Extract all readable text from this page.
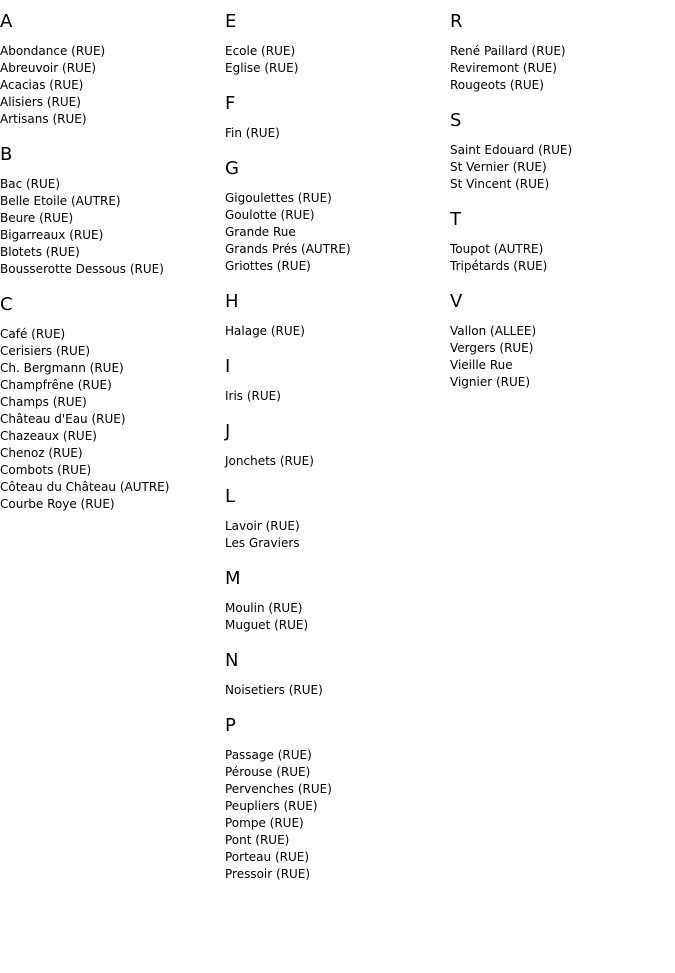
A
Abondance (RUE)
Abreuvoir (RUE)
Acacias (RUE)
Alisiers (RUE)
Artisans (RUE)
B
Bac (RUE)
Belle Etoile (AUTRE)
Beure (RUE)
Bigarreaux (RUE)
Blotets (RUE)
Bousserotte Dessous (RUE)
C
Café (RUE)
Cerisiers (RUE)
Ch. Bergmann (RUE)
Champfrêne (RUE)
Champs (RUE)
Château d'Eau (RUE)
Chazeaux (RUE)
Chenoz (RUE)
Combots (RUE)
Côteau du Château (AUTRE)
Courbe Roye (RUE)
E
Ecole (RUE)
Eglise (RUE)
F
Fin (RUE)
G
Gigoulettes (RUE)
Goulotte (RUE)
Grande Rue
Grands Prés (AUTRE)
Griottes (RUE)
H
Halage (RUE)
I
Iris (RUE)
J
Jonchets (RUE)
L
Lavoir (RUE)
Les Graviers
M
Moulin (RUE)
Muguet (RUE)
N
Noisetiers (RUE)
P
Passage (RUE)
Pérouse (RUE)
Pervenches (RUE)
Peupliers (RUE)
Pompe (RUE)
Pont (RUE)
Porteau (RUE)
Pressoir (RUE)
R
René Paillard (RUE)
Reviremont (RUE)
Rougeots (RUE)
S
Saint Edouard (RUE)
St Vernier (RUE)
St Vincent (RUE)
T
Toupot (AUTRE)
Tripétards (RUE)
V
Vallon (ALLEE)
Vergers (RUE)
Vieille Rue
Vignier (RUE)
